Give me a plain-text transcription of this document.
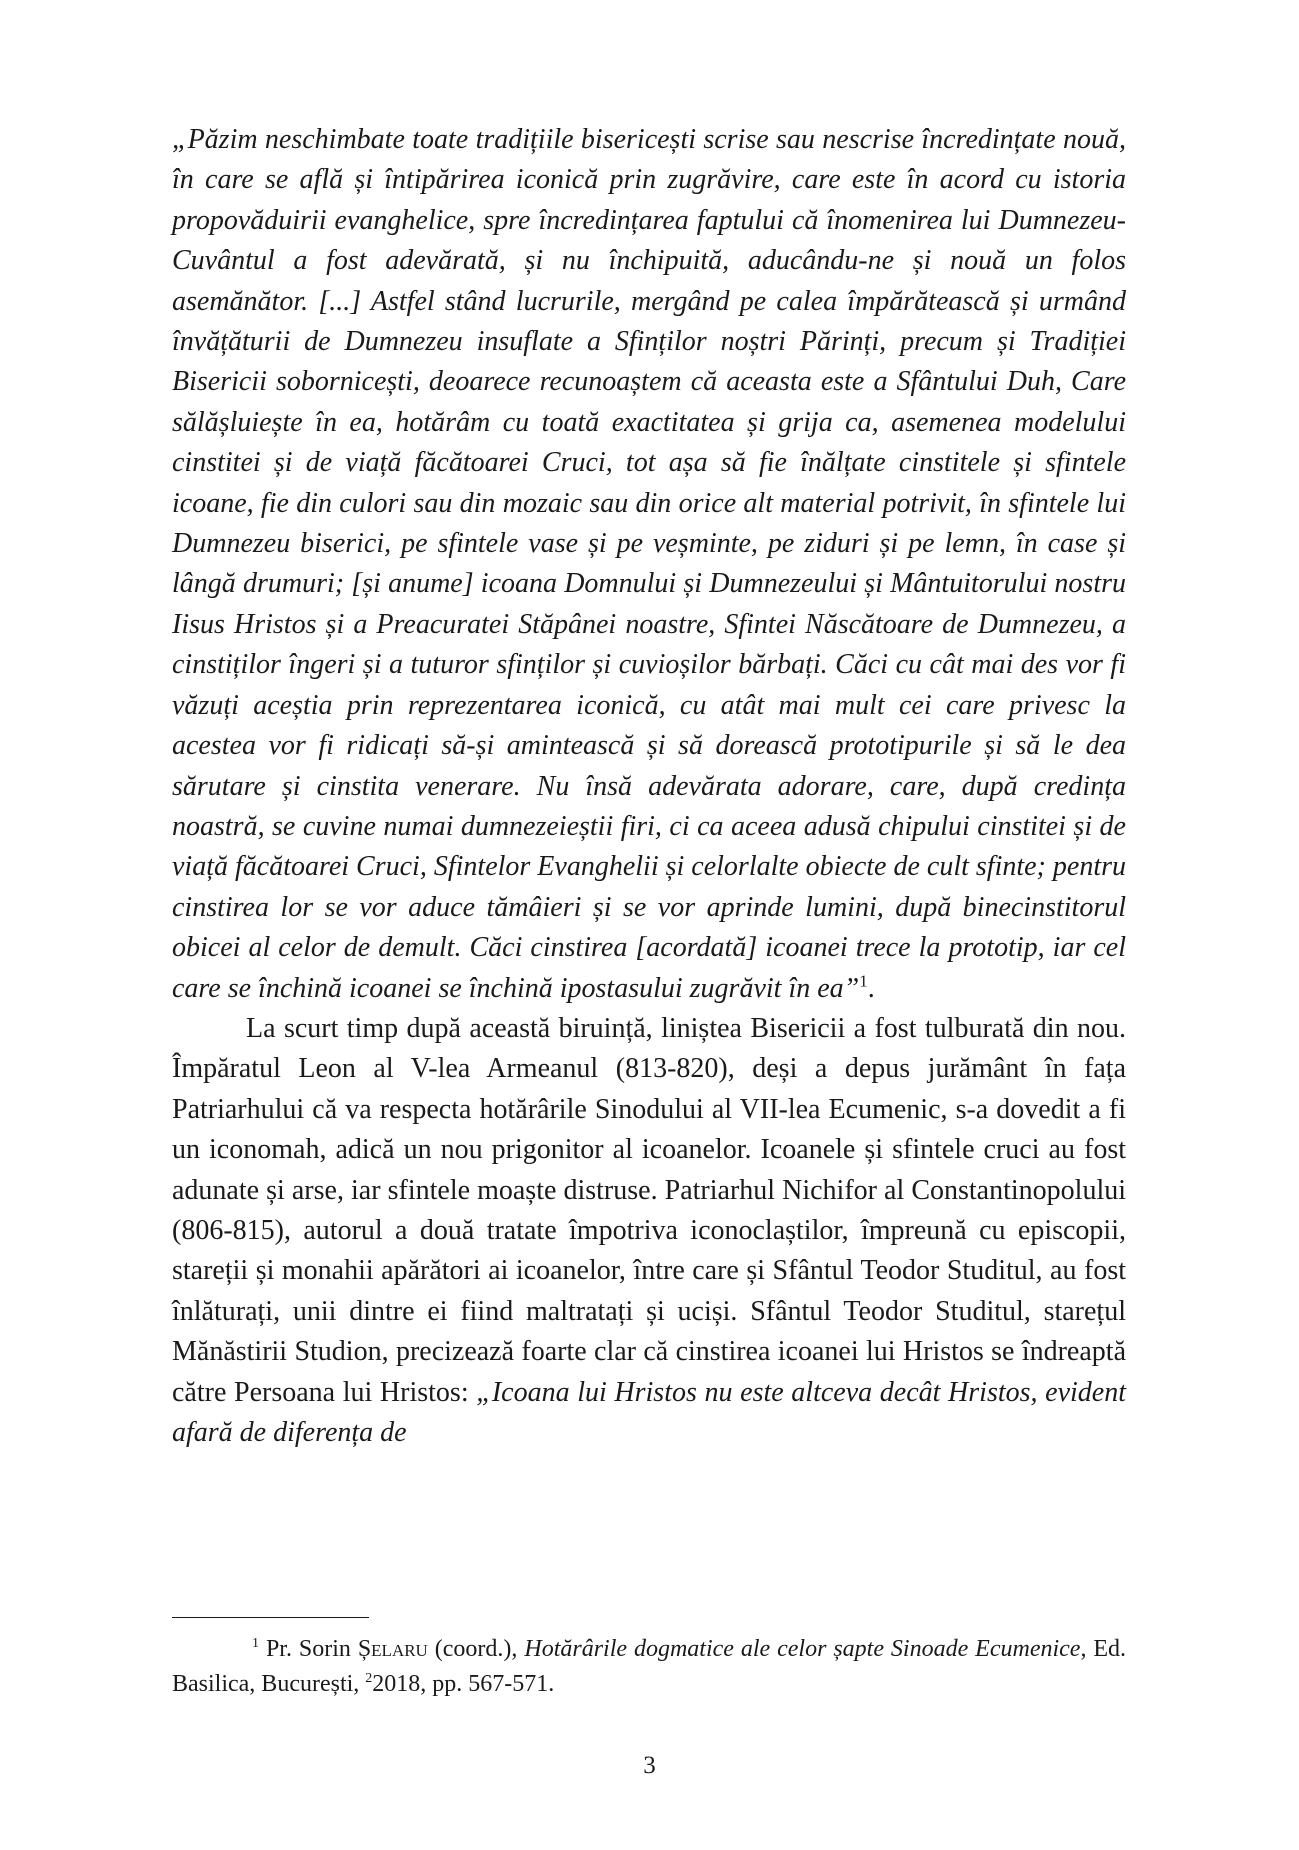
„Păzim neschimbate toate tradițiile bisericești scrise sau nescrise încredințate nouă, în care se află și întipărirea iconică prin zugrăvire, care este în acord cu istoria propovăduirii evanghelice, spre încredințarea faptului că înomenirea lui Dumnezeu-Cuvântul a fost adevărată, și nu închipuită, aducându-ne și nouă un folos asemănător. [...] Astfel stând lucrurile, mergând pe calea împărătească și urmând învățăturii de Dumnezeu insuflate a Sfinților noștri Părinți, precum și Tradiției Bisericii sobornicești, deoarece recunoaștem că aceasta este a Sfântului Duh, Care sălășluiește în ea, hotărâm cu toată exactitatea și grija ca, asemenea modelului cinstitei și de viață făcătoarei Cruci, tot așa să fie înălțate cinstitele și sfintele icoane, fie din culori sau din mozaic sau din orice alt material potrivit, în sfintele lui Dumnezeu biserici, pe sfintele vase și pe veșminte, pe ziduri și pe lemn, în case și lângă drumuri; [și anume] icoana Domnului și Dumnezeului și Mântuitorului nostru Iisus Hristos și a Preacuratei Stăpânei noastre, Sfintei Născătoare de Dumnezeu, a cinstiților îngeri și a tuturor sfinților și cuvioșilor bărbați. Căci cu cât mai des vor fi văzuți aceștia prin reprezentarea iconică, cu atât mai mult cei care privesc la acestea vor fi ridicați să-și amintească și să dorească prototipurile și să le dea sărutare și cinstita venerare. Nu însă adevărata adorare, care, după credința noastră, se cuvine numai dumnezeieștii firi, ci ca aceea adusă chipului cinstitei și de viață făcătoarei Cruci, Sfintelor Evanghelii și celorlalte obiecte de cult sfinte; pentru cinstirea lor se vor aduce tămâieri și se vor aprinde lumini, după binecinstitorul obicei al celor de demult. Căci cinstirea [acordată] icoanei trece la prototip, iar cel care se închină icoanei se închină ipostasului zugrăvit în ea”$^1$.

La scurt timp după această biruință, liniștea Bisericii a fost tulburată din nou. Împăratul Leon al V-lea Armeanul (813-820), deși a depus jurământ în fața Patriarhului că va respecta hotărârile Sinodului al VII-lea Ecumenic, s-a dovedit a fi un iconomah, adică un nou prigonitor al icoanelor. Icoanele și sfintele cruci au fost adunate și arse, iar sfintele moaște distruse. Patriarhul Nichifor al Constantinopolului (806-815), autorul a două tratate împotriva iconoclaștilor, împreună cu episcopii, stareții și monahii apărători ai icoanelor, între care și Sfântul Teodor Studitul, au fost înlăturați, unii dintre ei fiind maltratați și uciși. Sfântul Teodor Studitul, starețul Mănăstirii Studion, precizează foarte clar că cinstirea icoanei lui Hristos se îndreaptă către Persoana lui Hristos: „Icoana lui Hristos nu este altceva decât Hristos, evident afară de diferența de

$^1$ Pr. Sorin Șelaru (coord.), Hotărârile dogmatice ale celor șapte Sinoade Ecumenice, Ed. Basilica, București, $^2$2018, pp. 567-571.

3
